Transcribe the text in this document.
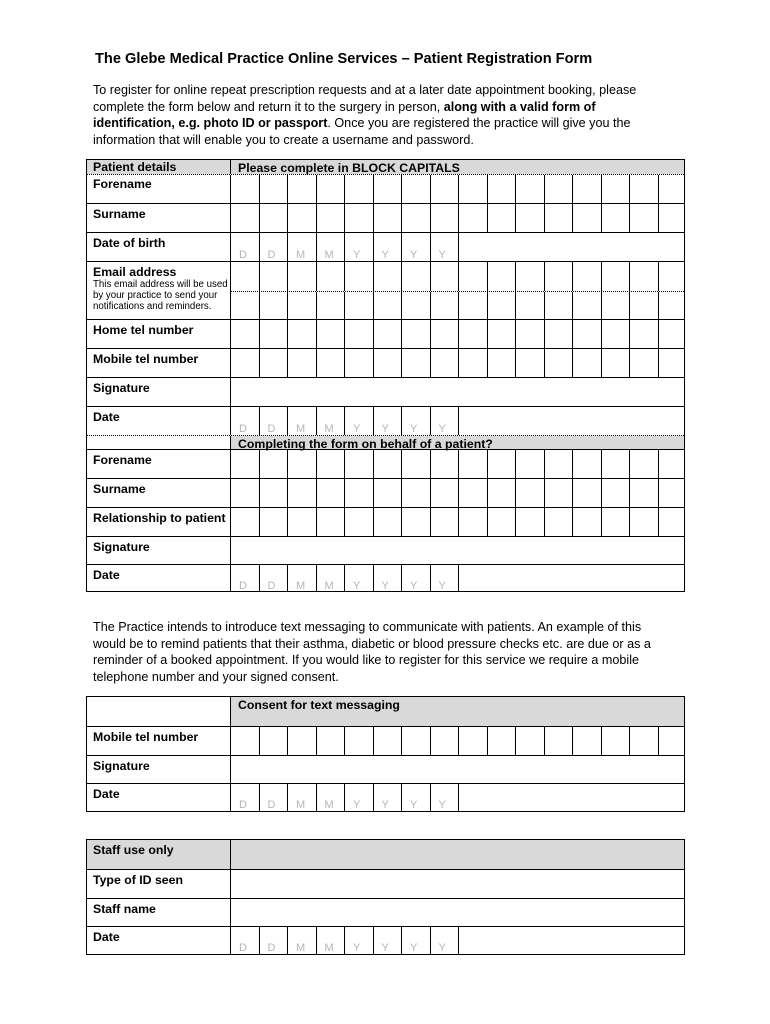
The Glebe Medical Practice Online Services – Patient Registration Form

To register for online repeat prescription requests and at a later date appointment booking, please complete the form below and return it to the surgery in person, along with a valid form of identification, e.g. photo ID or passport. Once you are registered the practice will give you the information that will enable you to create a username and password.

Patient details	Please complete in BLOCK CAPITALS
Forename
Surname
Date of birth
D D M M Y Y Y Y
Email address
This email address will be used by your practice to send your notifications and reminders.
Home tel number
Mobile tel number
Signature
Date
D D M M Y Y Y Y
Completing the form on behalf of a patient?
Forename
Surname
Relationship to patient
Signature
Date
D D M M Y Y Y Y

The Practice intends to introduce text messaging to communicate with patients. An example of this would be to remind patients that their asthma, diabetic or blood pressure checks etc. are due or as a reminder of a booked appointment. If you would like to register for this service we require a mobile telephone number and your signed consent.

Consent for text messaging
Mobile tel number
Signature
Date
D D M M Y Y Y Y
Staff use only
Type of ID seen
Staff name
Date
D D M M Y Y Y Y
